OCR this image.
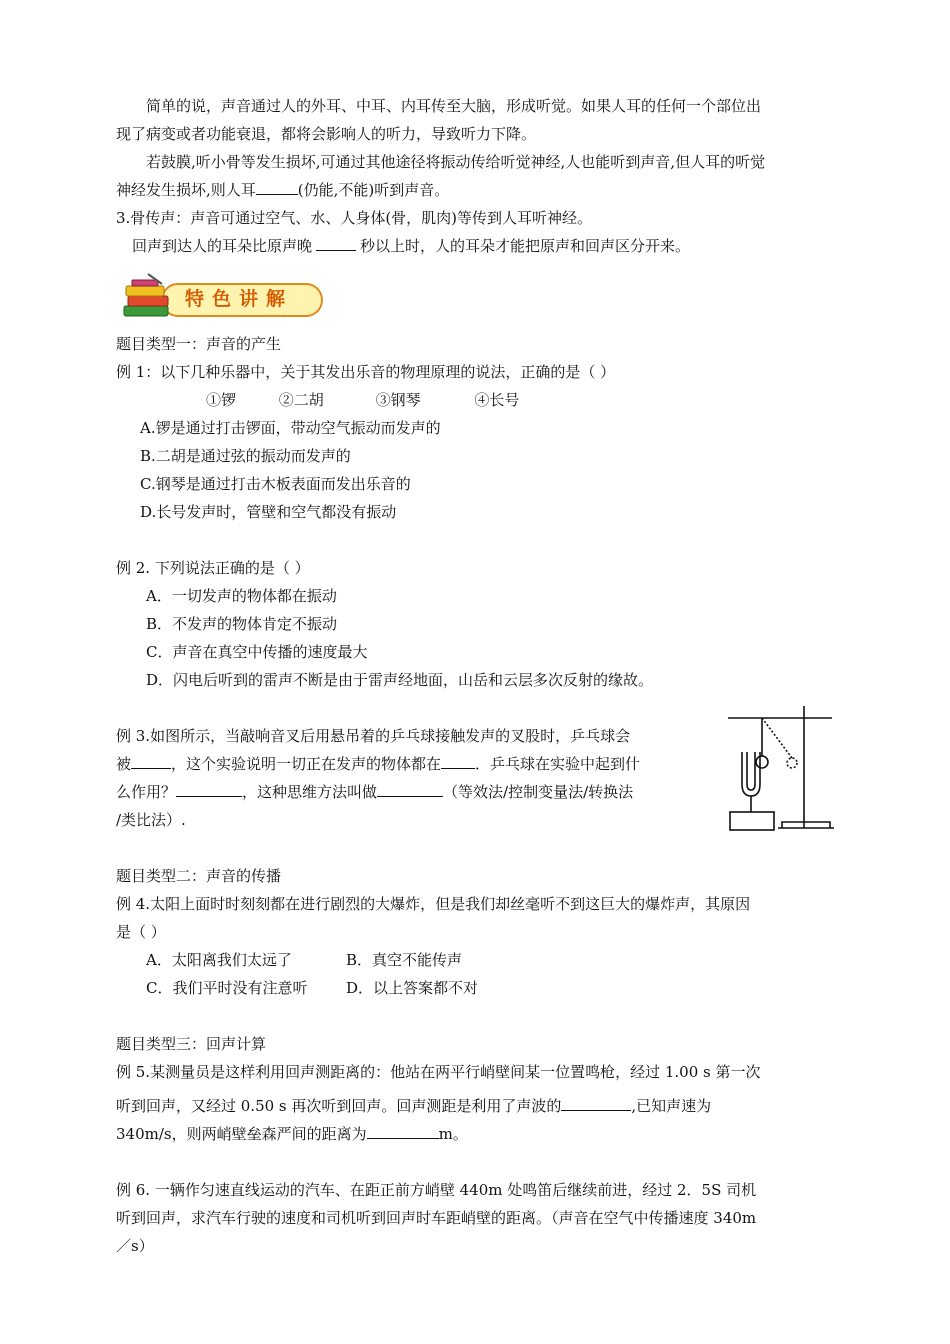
简单的说，声音通过人的外耳、中耳、内耳传至大脑，形成听觉。如果人耳的任何一个部位出
现了病变或者功能衰退，都将会影响人的听力，导致听力下降。
若鼓膜,听小骨等发生损坏,可通过其他途径将振动传给听觉神经,人也能听到声音,但人耳的听觉
神经发生损坏,则人耳	(仍能,不能)听到声音。
3.骨传声：声音可通过空气、水、人身体(骨，肌肉)等传到人耳听神经。
回声到达人的耳朵比原声晚	秒以上时，人的耳朵才能把原声和回声区分开来。
特色讲解
题目类型一：声音的产生
例 1：以下几种乐器中，关于其发出乐音的物理原理的说法，正确的是（ ）
①锣	②二胡	③钢琴	④长号
A.锣是通过打击锣面，带动空气振动而发声的
B.二胡是通过弦的振动而发声的
C.钢琴是通过打击木板表面而发出乐音的
D.长号发声时，管壁和空气都没有振动
例 2. 下列说法正确的是（ ）
A．一切发声的物体都在振动
B．不发声的物体肯定不振动
C．声音在真空中传播的速度最大
D．闪电后听到的雷声不断是由于雷声经地面，山岳和云层多次反射的缘故。
例 3.如图所示，当敲响音叉后用悬吊着的乒乓球接触发声的叉股时，乒乓球会
被	，这个实验说明一切正在发声的物体都在 ．乒乓球在实验中起到什
么作用？	，这种思维方法叫做	（等效法/控制变量法/转换法
/类比法）.
题目类型二：声音的传播
例 4.太阳上面时时刻刻都在进行剧烈的大爆炸，但是我们却丝毫听不到这巨大的爆炸声，其原因
是（ ）
A．太阳离我们太远了	B．真空不能传声
C．我们平时没有注意听	D．以上答案都不对
题目类型三：回声计算
例 5.某测量员是这样利用回声测距离的：他站在两平行峭壁间某一位置鸣枪，经过 1.00 s 第一次
听到回声，又经过 0.50 s 再次听到回声。回声测距是利用了声波的	,已知声速为
340m/s，则两峭壁垒森严间的距离为	m。
例 6. 一辆作匀速直线运动的汽车、在距正前方峭壁 440m 处鸣笛后继续前进，经过 2．5S 司机
听到回声，求汽车行驶的速度和司机听到回声时车距峭壁的距离。（声音在空气中传播速度 340m
／s）
